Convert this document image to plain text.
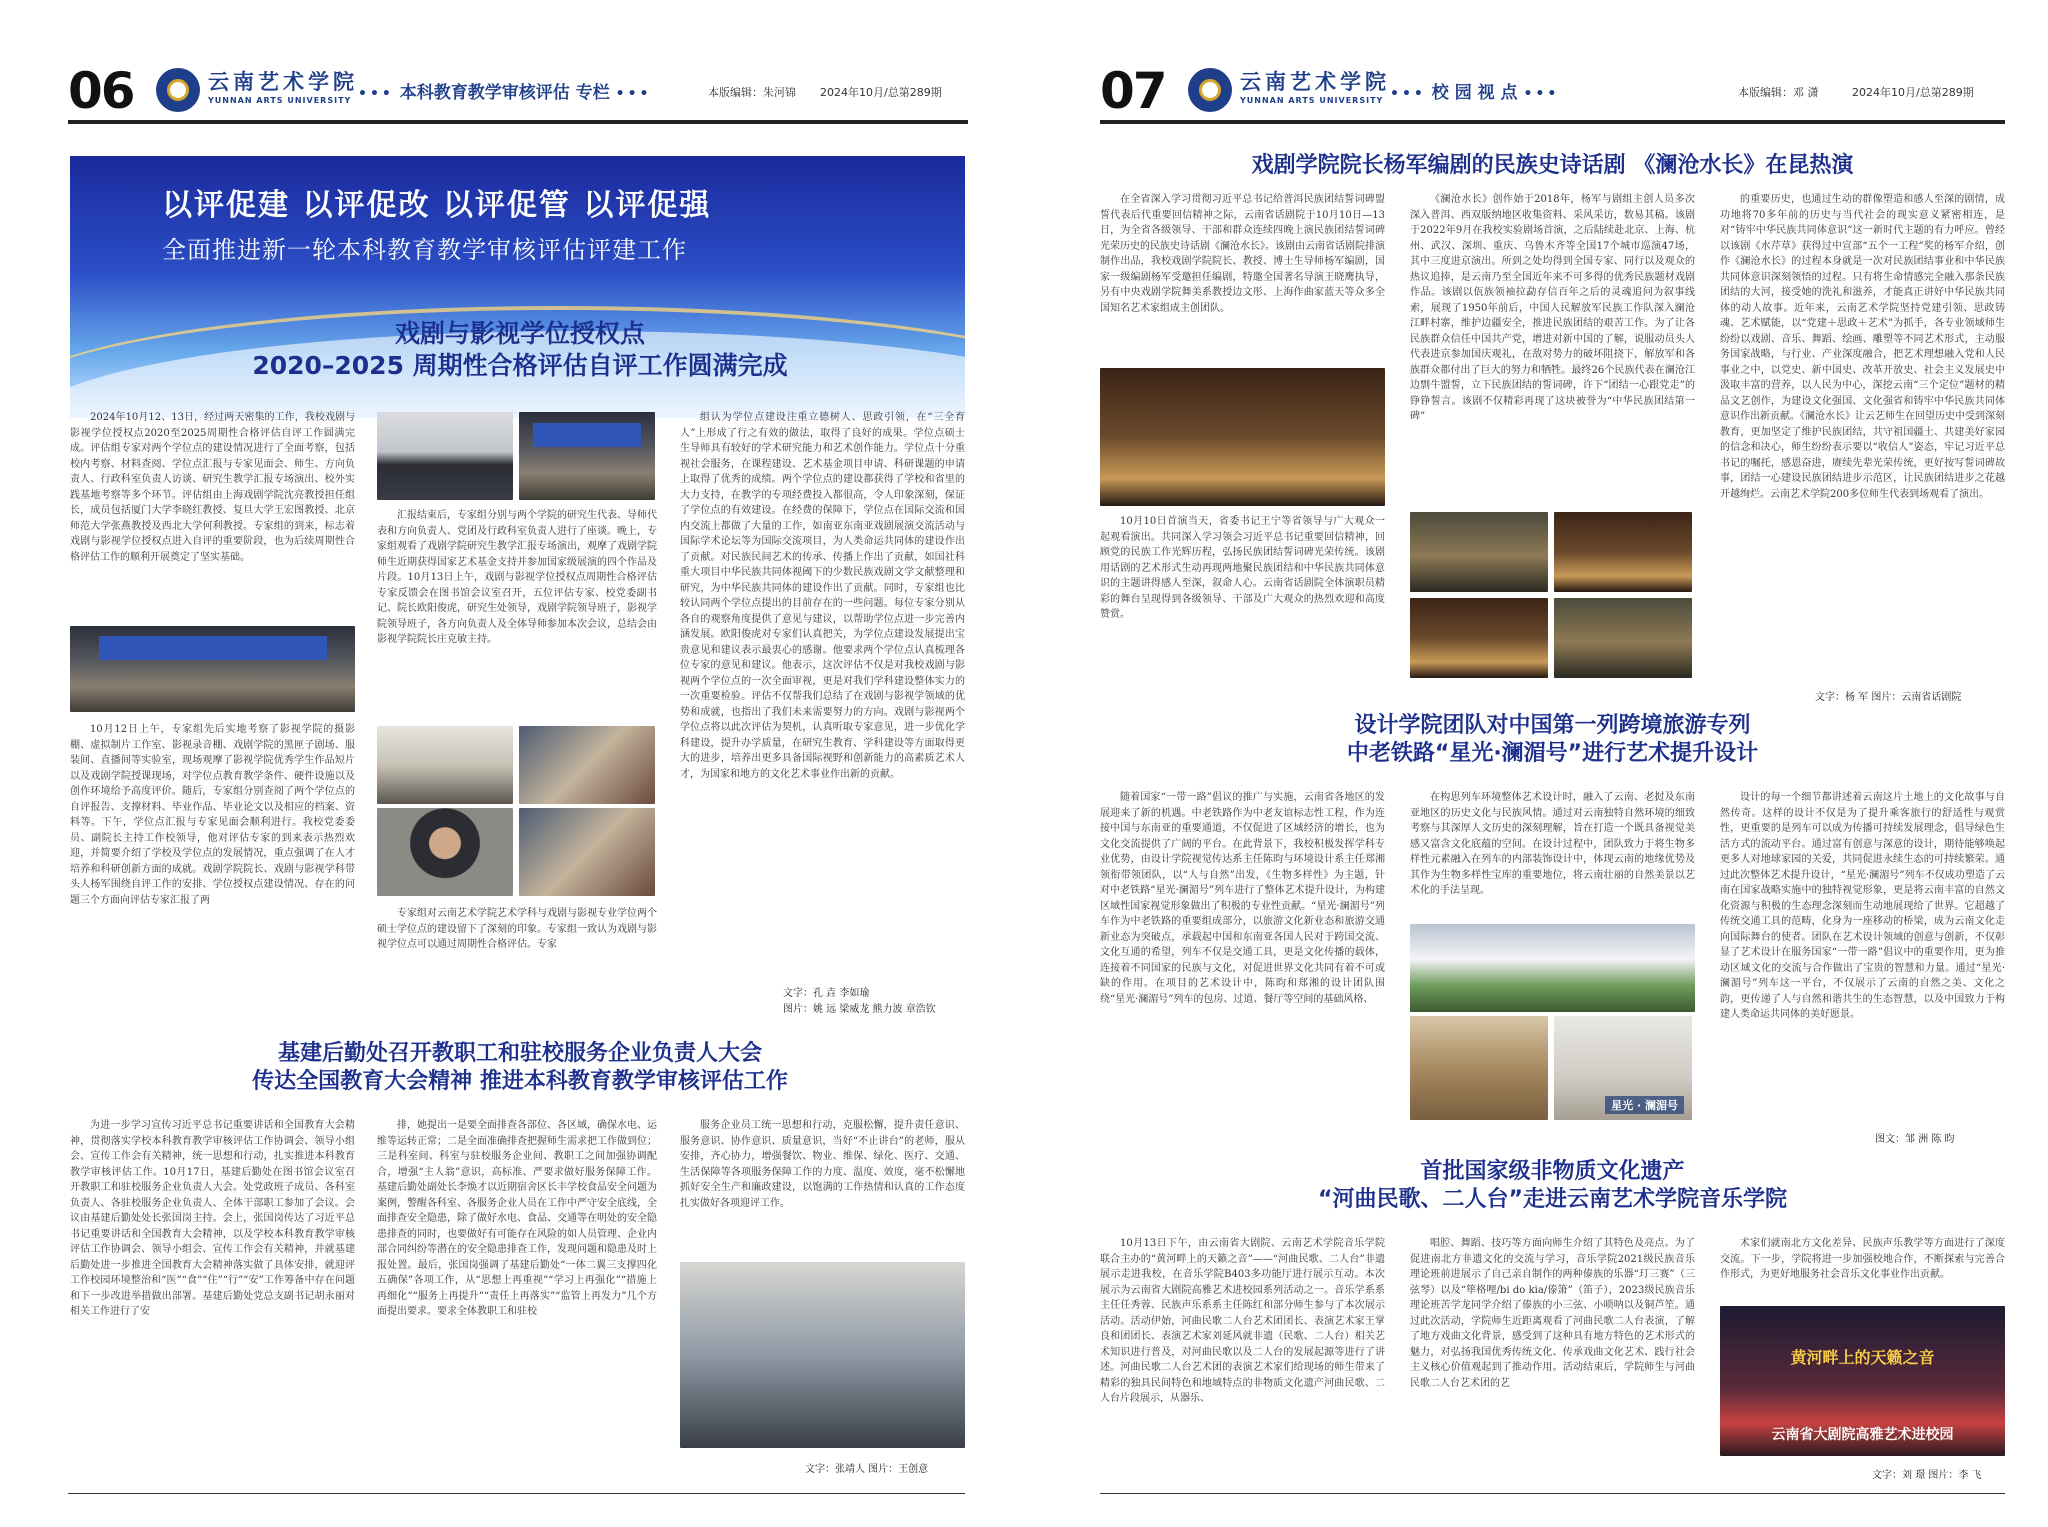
06	云南艺术学院
YUNNAN ARTS UNIVERSITY ••• 本科教育教学审核评估 专栏 •••	本版编辑：朱河锦 2024年10月/总第289期
以评促建 以评促改 以评促管 以评促强
全面推进新一轮本科教育教学审核评估评建工作
戏剧与影视学位授权点
2020–2025 周期性合格评估自评工作圆满完成

2024年10月12、13日，经过两天密集的工作，我校戏剧与影视学位授权点2020至2025周期性合格评估自评工作圆满完成。评估组专家对两个学位点的建设情况进行了全面考察，包括校内考察、材料查阅、学位点汇报与专家见面会、师生、方向负责人、行政科室负责人访谈、研究生教学汇报专场演出、校外实践基地考察等多个环节。评估组由上海戏剧学院沈亮教授担任组长，成员包括厦门大学李晓红教授、复旦大学王宏图教授、北京师范大学张燕教授及西北大学何利教授。专家组的到来，标志着戏剧与影视学位授权点进入自评的重要阶段，也为后续周期性合格评估工作的顺利开展奠定了坚实基础。

10月12日上午，专家组先后实地考察了影视学院的摄影棚、虚拟制片工作室、影视录音棚、戏剧学院的黑匣子剧场、服装间、直播间等实验室，现场观摩了影视学院优秀学生作品短片以及戏剧学院授课现场，对学位点教育教学条件、硬件设施以及创作环境给予高度评价。随后，专家组分别查阅了两个学位点的自评报告、支撑材料、毕业作品、毕业论文以及相应的档案、资料等。下午，学位点汇报与专家见面会顺利进行。我校党委委员、副院长主持工作校领导，他对评估专家的到来表示热烈欢迎，并简要介绍了学校及学位点的发展情况，重点强调了在人才培养和科研创新方面的成就。戏剧学院院长、戏剧与影视学科带头人杨军围绕自评工作的安排、学位授权点建设情况、存在的问题三个方面向评估专家汇报了两

汇报结束后，专家组分别与两个学院的研究生代表、导师代表和方向负责人、党团及行政科室负责人进行了座谈。晚上，专家组观看了戏剧学院研究生教学汇报专场演出，观摩了戏剧学院师生近期获得国家艺术基金支持并参加国家级展演的四个作品及片段。10月13日上午，戏剧与影视学位授权点周期性合格评估专家反馈会在图书馆会议室召开，五位评估专家、校党委副书记、院长欧阳俊虎，研究生处领导，戏剧学院领导班子，影视学院领导班子，各方向负责人及全体导师参加本次会议，总结会由影视学院院长庄克敏主持。

专家组对云南艺术学院艺术学科与戏剧与影视专业学位两个硕士学位点的建设留下了深刻的印象。专家组一致认为戏剧与影视学位点可以通过周期性合格评估。专家

组认为学位点建设注重立德树人、思政引领，在“三全育人”上形成了行之有效的做法，取得了良好的成果。学位点硕士生导师具有较好的学术研究能力和艺术创作能力。学位点十分重视社会服务，在课程建设、艺术基金项目申请、科研课题的申请上取得了优秀的成绩。两个学位点的建设都获得了学校和省里的大力支持，在教学的专项经费投入都很高，令人印象深刻，保证了学位点的有效建设。在经费的保障下，学位点在国际交流和国内交流上都做了大量的工作，如南亚东南亚戏剧展演交流活动与国际学术论坛等为国际交流项目，为人类命运共同体的建设作出了贡献。对民族民间艺术的传承、传播上作出了贡献，如国社科重大项目中华民族共同体视阈下的少数民族戏剧文学文献整理和研究，为中华民族共同体的建设作出了贡献。同时，专家组也比较认同两个学位点提出的目前存在的一些问题。每位专家分别从各自的观察角度提供了意见与建议，以帮助学位点进一步完善内涵发展。欧阳俊虎对专家们认真把关，为学位点建设发展提出宝贵意见和建议表示最衷心的感谢。他要求两个学位点认真梳理各位专家的意见和建议。他表示，这次评估不仅是对我校戏剧与影视两个学位点的一次全面审视，更是对我们学科建设整体实力的一次重要检验。评估不仅帮我们总结了在戏剧与影视学领域的优势和成就，也指出了我们未来需要努力的方向。戏剧与影视两个学位点将以此次评估为契机，认真听取专家意见，进一步优化学科建设，提升办学质量，在研究生教育、学科建设等方面取得更大的进步，培养出更多具备国际视野和创新能力的高素质艺术人才，为国家和地方的文化艺术事业作出新的贡献。

文字：孔 垚 李如瑜
图片：姚 远 梁威龙 熊力波 章浩钦
基建后勤处召开教职工和驻校服务企业负责人大会
传达全国教育大会精神 推进本科教育教学审核评估工作

为进一步学习宣传习近平总书记重要讲话和全国教育大会精神，贯彻落实学校本科教育教学审核评估工作协调会、领导小组会、宣传工作会有关精神，统一思想和行动，扎实推进本科教育教学审核评估工作。10月17日，基建后勤处在图书馆会议室召开教职工和驻校服务企业负责人大会。处党政班子成员、各科室负责人、各驻校服务企业负责人、全体干部职工参加了会议。会议由基建后勤处处长张国岗主持。会上，张国岗传达了习近平总书记重要讲话和全国教育大会精神，以及学校本科教育教学审核评估工作协调会、领导小组会、宣传工作会有关精神，并就基建后勤处进一步推进全国教育大会精神落实做了具体安排，就迎评工作校园环境整治和“医”“食”“住”“行”“安”工作筹备中存在问题和下一步改进举措做出部署。基建后勤处党总支副书记胡永丽对相关工作进行了安

排，她提出一是要全面排查各部位、各区域，确保水电、运维等运转正常；二是全面准确排查把握师生需求把工作做到位；三是科室间、科室与驻校服务企业间、教职工之间加强协调配合，增强“主人翁”意识，高标准、严要求做好服务保障工作。基建后勤处副处长李焕才以近期宿舍区长丰学校食品安全问题为案例，警醒各科室、各服务企业人员在工作中严守安全底线，全面排查安全隐患，除了做好水电、食品、交通等在明处的安全隐患排查的同时，也要做好有可能存在风险的如人员管理、企业内部合同纠纷等潜在的安全隐患排查工作，发现问题和隐患及时上报处置。最后，张国岗强调了基建后勤处“一体二翼三支撑四化五确保”各项工作，从“思想上再重视”“学习上再强化”“措施上再细化”“服务上再提升”“责任上再落实”“监管上再发力”几个方面提出要求。要求全体教职工和驻校

服务企业员工统一思想和行动，克服松懈，提升责任意识、服务意识、协作意识、质量意识，当好“不止讲台”的老师，服从安排，齐心协力，增强餐饮、物业、维保、绿化、医疗、交通、生活保障等各项服务保障工作的力度、温度、效度，毫不松懈地抓好安全生产和廉政建设，以饱满的工作热情和认真的工作态度扎实做好各项迎评工作。

文字：张靖人 图片：王创意
07	云南艺术学院
YUNNAN ARTS UNIVERSITY ••• 校 园 视 点 •••	本版编辑：邓 潇	2024年10月/总第289期
戏剧学院院长杨军编剧的民族史诗话剧 《澜沧水长》在昆热演

在全省深入学习贯彻习近平总书记给普洱民族团结誓词碑盟誓代表后代重要回信精神之际，云南省话剧院于10月10日—13日，为全省各级领导、干部和群众连续四晚上演民族团结誓词碑光荣历史的民族史诗话剧《澜沧水长》。该剧由云南省话剧院排演制作出品，我校戏剧学院院长、教授、博士生导师杨军编剧，国家一级编剧杨军受邀担任编剧，特邀全国著名导演王晓鹰执导，另有中央戏剧学院舞美系教授边文彤、上海作曲家蓝天等众多全国知名艺术家组成主创团队。

10月10日首演当天，省委书记王宁等省领导与广大观众一起观看演出。共同深入学习领会习近平总书记重要回信精神，回顾党的民族工作光辉历程，弘扬民族团结誓词碑光荣传统。该剧用话剧的艺术形式生动再现两地聚民族团结和中华民族共同体意识的主题讲得感人至深，叙命人心。云南省话剧院全体演职员精彩的舞台呈现得到各级领导、干部及广大观众的热烈欢迎和高度赞赏。

《澜沧水长》创作始于2018年，杨军与剧组主创人员多次深入普洱、西双版纳地区收集资料、采风采访，数易其稿。该剧于2022年9月在我校实验剧场首演，之后陆续赴北京、上海、杭州、武汉、深圳、重庆、乌鲁木齐等全国17个城市巡演47场，其中三度进京演出。所到之处均得到全国专家、同行以及观众的热议追捧，是云南乃至全国近年来不可多得的优秀民族题材戏剧作品。该剧以佤族领袖拉勐存信百年之后的灵魂追问为叙事线索，展现了1950年前后，中国人民解放军民族工作队深入澜沧江畔村寨，维护边疆安全，推进民族团结的艰苦工作。为了让各民族群众信任中国共产党，增进对新中国的了解，说服动员头人代表进京参加国庆观礼，在敌对势力的破坏阻挠下，解放军和各族群众都付出了巨大的努力和牺牲。最终26个民族代表在澜沧江边剽牛盟誓，立下民族团结的誓词碑，许下“团结一心跟党走”的铮铮誓言。该剧不仅精彩再现了这块被誉为“中华民族团结第一碑”

的重要历史，也通过生动的群像塑造和感人至深的剧情，成功地将70多年前的历史与当代社会的现实意义紧密相连，是对“铸牢中华民族共同体意识”这一新时代主题的有力呼应。曾经以该剧《水芹草》获得过中宣部“五个一工程”奖的杨军介绍，创作《澜沧水长》的过程本身就是一次对民族团结事业和中华民族共同体意识深刻领悟的过程。只有将生命情感完全融入那条民族团结的大河，接受她的洗礼和滋养，才能真正讲好中华民族共同体的动人故事。近年来，云南艺术学院坚持党建引领、思政铸魂、艺术赋能，以“党建＋思政＋艺术”为抓手，各专业领域师生纷纷以戏剧、音乐、舞蹈、绘画、雕塑等不同艺术形式，主动服务国家战略，与行业、产业深度融合，把艺术理想融入党和人民事业之中，以党史、新中国史、改革开放史、社会主义发展史中汲取丰富的营养，以人民为中心，深挖云南“三个定位”题材的精品文艺创作，为建设文化强国、文化强省和铸牢中华民族共同体意识作出新贡献。《澜沧水长》让云艺师生在回望历史中受到深刻教育，更加坚定了维护民族团结，共守祖国疆土、共建美好家园的信念和决心，师生纷纷表示要以“收信人”姿态，牢记习近平总书记的嘱托，感恩奋进，赓续先辈光荣传统，更好按写誓词碑故事，团结一心建设民族团结进步示范区，让民族团结进步之花越开越绚烂。云南艺术学院200多位师生代表到场观看了演出。

文字：杨 军 图片：云南省话剧院
设计学院团队对中国第一列跨境旅游专列
中老铁路“星光·澜湄号”进行艺术提升设计

随着国家“一带一路”倡议的推广与实施，云南省各地区的发展迎来了新的机遇。中老铁路作为中老友谊标志性工程，作为连接中国与东南亚的重要通道，不仅促进了区域经济的增长，也为文化交流提供了广阔的平台。在此背景下，我校积极发挥学科专业优势，由设计学院视觉传达系主任陈昀与环境设计系主任郑湘领衔带领团队，以“人与自然”出发，《生物多样性》为主题，针对中老铁路“星光·澜湄号”列车进行了整体艺术提升设计，为构建区域性国家视觉形象做出了积极的专业性贡献。“星光·澜湄号”列车作为中老铁路的重要组成部分，以旅游文化新业态和旅游交通新业态为突破点，承载起中国和东南亚各国人民对于跨国交流、文化互通的希望，列车不仅是交通工具，更是文化传播的载体，连接着不同国家的民族与文化，对促进世界文化共同有着不可或缺的作用。在项目的艺术设计中，陈昀和郑湘的设计团队围绕“星光·澜湄号”列车的包房、过道、餐厅等空间的基础风格、

在构思列车环境整体艺术设计时，融入了云南、老挝及东南亚地区的历史文化与民族风情。通过对云南独特自然环境的细致考察与其深厚人文历史的深刻理解，旨在打造一个既具备视觉美感又富含文化底蕴的空间。在设计过程中，团队致力于将生物多样性元素融入在列车的内部装饰设计中，体现云南的地缘优势及其作为生物多样性宝库的重要地位，将云南壮丽的自然美景以艺术化的手法呈现。

星光 · 澜湄号

设计的每一个细节都讲述着云南这片土地上的文化故事与自然传奇。这样的设计不仅是为了提升乘客旅行的舒适性与观赏性，更重要的是列车可以成为传播可持续发展理念，倡导绿色生活方式的流动平台。通过富有创意与深意的设计，期待能够唤起更多人对地球家园的关爱，共同促进永续生态的可持续繁荣。通过此次整体艺术提升设计，“星光·澜湄号”列车不仅成功塑造了云南在国家战略实施中的独特视觉形象，更是将云南丰富的自然文化资源与积极的生态理念深刻而生动地展现给了世界。它超越了传统交通工具的范畴，化身为一座移动的桥梁，成为云南文化走向国际舞台的使者。团队在艺术设计领域的创意与创新，不仅彰显了艺术设计在服务国家“一带一路”倡议中的重要作用，更为推动区域文化的交流与合作做出了宝贵的智慧和力量。通过“星光·澜湄号”列车这一平台，不仅展示了云南的自然之美、文化之韵，更传递了人与自然和谐共生的生态智慧，以及中国致力于构建人类命运共同体的美好愿景。

图文：邹 洲 陈 昀
首批国家级非物质文化遗产
“河曲民歌、二人台”走进云南艺术学院音乐学院

10月13日下午，由云南省大剧院、云南艺术学院音乐学院联合主办的“黄河畔上的天籁之音”——“河曲民歌、二人台”非遗展示走进我校，在音乐学院B403多功能厅进行展示互动。本次展示为云南省大剧院高雅艺术进校园系列活动之一。音乐学系系主任任秀蓉、民族声乐系系主任陈红和部分师生参与了本次展示活动。活动伊始，河曲民歌二人台艺术团团长、表演艺术家王掌良和团团长、表演艺术家刘延风就非遗（民歌、二人台）相关艺术知识进行普及，对河曲民歌以及二人台的发展起源等进行了讲述。河曲民歌二人台艺术团的表演艺术家们给现场的师生带来了精彩的独具民间特色和地域特点的非物质文化遗产河曲民歌、二人台片段展示，从器乐、

唱腔、舞蹈、技巧等方面向师生介绍了其特色及亮点。为了促进南北方非遗文化的交流与学习，音乐学院2021级民族音乐理论班前进展示了自己亲自制作的两种傣族的乐器“玎三赛”（三弦琴）以及“筚格哩/bi do kia/傣箫”（笛子），2023级民族音乐理论班苦学龙同学介绍了傣族的小三弦、小唢呐以及铜芦笙。通过此次活动，学院师生近距离观看了河曲民歌二人台表演，了解了地方戏曲文化背景，感受到了这种具有地方特色的艺术形式的魅力，对弘扬我国优秀传统文化、传承戏曲文化艺术、践行社会主义核心价值观起到了推动作用。活动结束后，学院师生与河曲民歌二人台艺术团的艺

术家们就南北方文化差异、民族声乐教学等方面进行了深度交流。下一步，学院将进一步加强校地合作，不断探索与完善合作形式，为更好地服务社会音乐文化事业作出贡献。

黄河畔上的天籁之音
云南省大剧院高雅艺术进校园
文字：刘 璟 图片：李 飞
